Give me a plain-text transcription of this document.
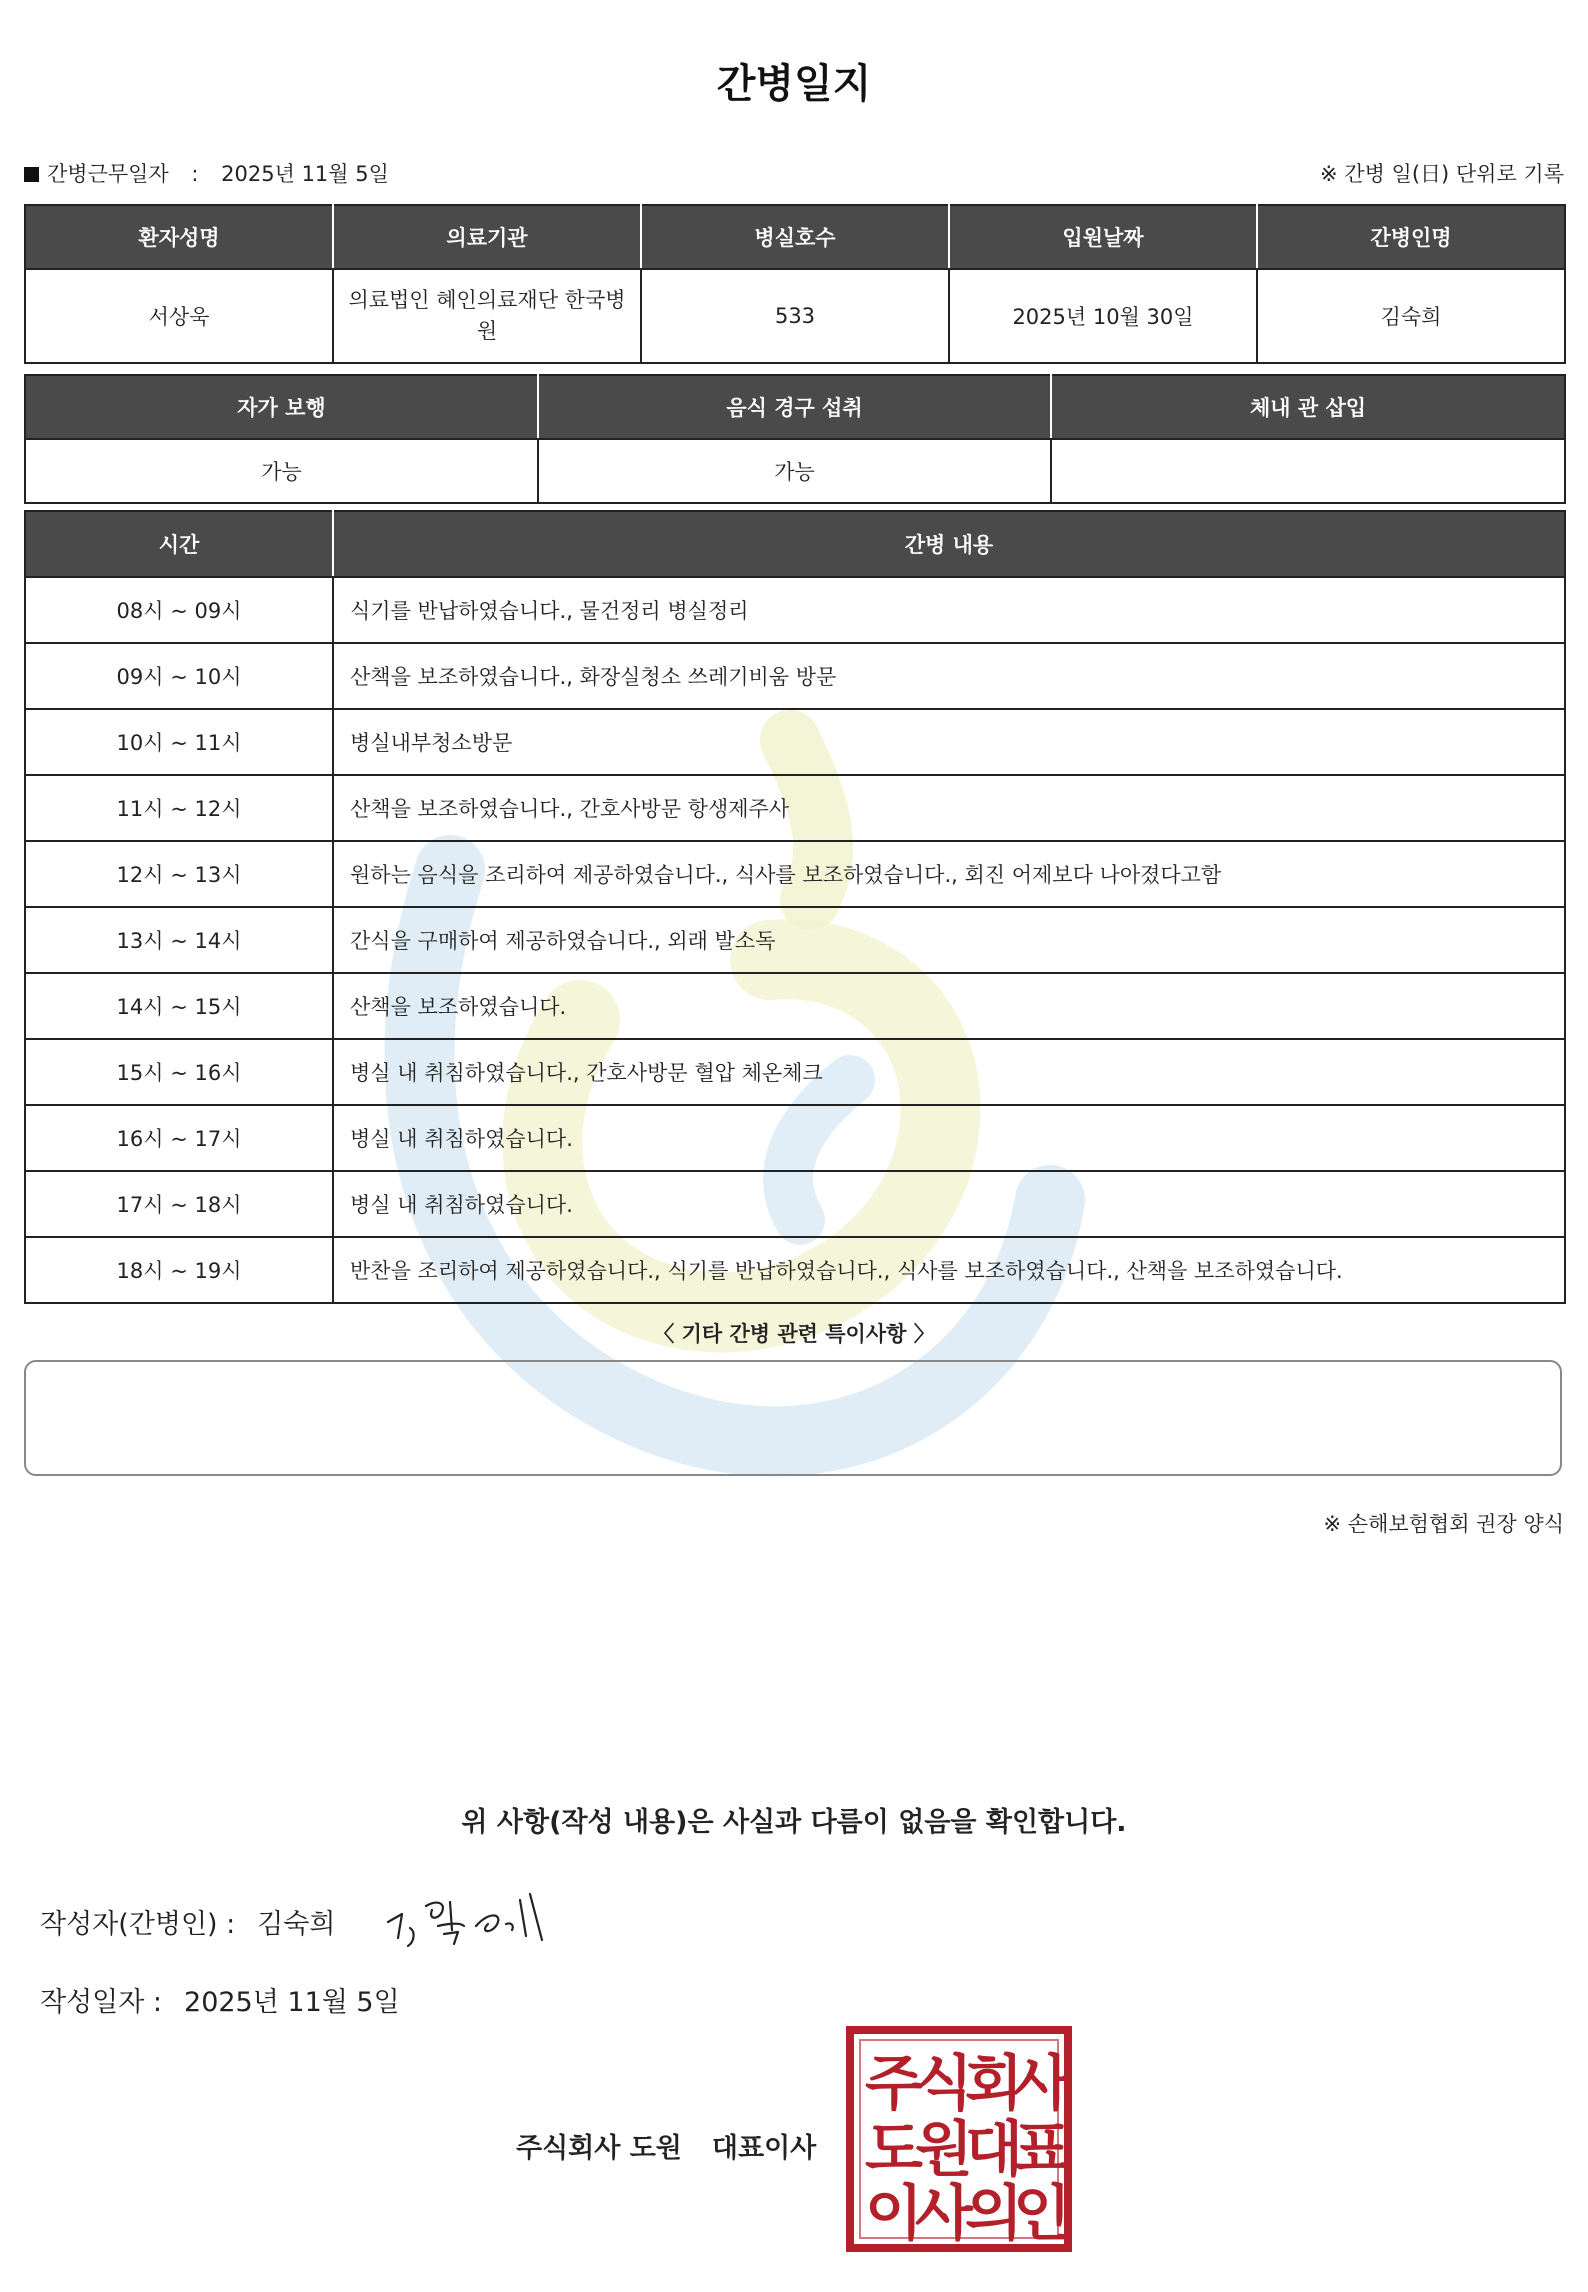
간병일지
간병근무일자 : 2025년 11월 5일	※ 간병 일(日) 단위로 기록
환자성명	의료기관	병실호수	입원날짜	간병인명
서상욱	의료법인 혜인의료재단 한국병원	533	2025년 10월 30일	김숙희
자가 보행	음식 경구 섭취	체내 관 삽입
가능	가능	
시간	간병 내용
08시 ~ 09시	식기를 반납하였습니다., 물건정리 병실정리
09시 ~ 10시	산책을 보조하였습니다., 화장실청소 쓰레기비움 방문
10시 ~ 11시	병실내부청소방문
11시 ~ 12시	산책을 보조하였습니다., 간호사방문 항생제주사
12시 ~ 13시	원하는 음식을 조리하여 제공하였습니다., 식사를 보조하였습니다., 회진 어제보다 나아졌다고함
13시 ~ 14시	간식을 구매하여 제공하였습니다., 외래 발소독
14시 ~ 15시	산책을 보조하였습니다.
15시 ~ 16시	병실 내 취침하였습니다., 간호사방문 혈압 체온체크
16시 ~ 17시	병실 내 취침하였습니다.
17시 ~ 18시	병실 내 취침하였습니다.
18시 ~ 19시	반찬을 조리하여 제공하였습니다., 식기를 반납하였습니다., 식사를 보조하였습니다., 산책을 보조하였습니다.
〈 기타 간병 관련 특이사항 〉
※ 손해보험협회 권장 양식
위 사항(작성 내용)은 사실과 다름이 없음을 확인합니다.
작성자(간병인) : 김숙희
작성일자 : 2025년 11월 5일
주식회사 도원 대표이사
주
식
회
사
도
원
대
표
이
사
의
인
